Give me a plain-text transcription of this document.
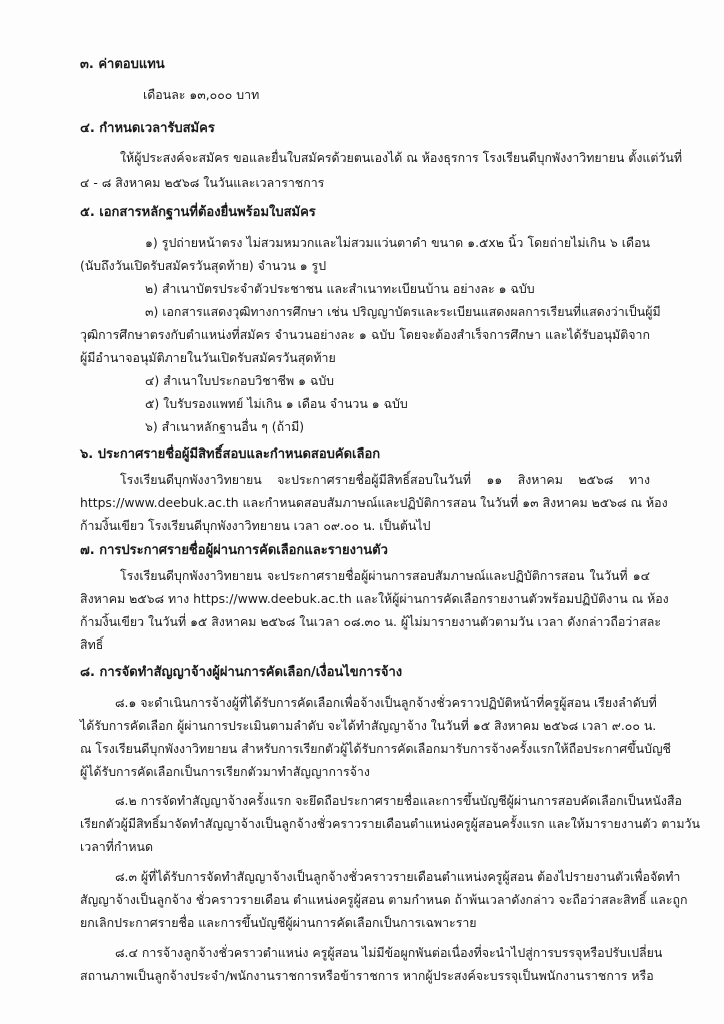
๓. ค่าตอบแทน
เดือนละ ๑๓,๐๐๐ บาท
๔. กำหนดเวลารับสมัคร
ให้ผู้ประสงค์จะสมัคร ขอและยื่นใบสมัครด้วยตนเองได้ ณ ห้องธุรการ โรงเรียนดีบุกพังงาวิทยายน ตั้งแต่วันที่
๔ - ๘ สิงหาคม ๒๕๖๘ ในวันและเวลาราชการ
๕. เอกสารหลักฐานที่ต้องยื่นพร้อมใบสมัคร
๑) รูปถ่ายหน้าตรง ไม่สวมหมวกและไม่สวมแว่นตาดำ ขนาด ๑.๕x๒ นิ้ว โดยถ่ายไม่เกิน ๖ เดือน
(นับถึงวันเปิดรับสมัครวันสุดท้าย) จำนวน ๑ รูป
๒) สำเนาบัตรประจำตัวประชาชน และสำเนาทะเบียนบ้าน อย่างละ ๑ ฉบับ
๓) เอกสารแสดงวุฒิทางการศึกษา เช่น ปริญญาบัตรและระเบียนแสดงผลการเรียนที่แสดงว่าเป็นผู้มี
วุฒิการศึกษาตรงกับตำแหน่งที่สมัคร จำนวนอย่างละ ๑ ฉบับ โดยจะต้องสำเร็จการศึกษา และได้รับอนุมัติจาก
ผู้มีอำนาจอนุมัติภายในวันเปิดรับสมัครวันสุดท้าย
๔) สำเนาใบประกอบวิชาชีพ ๑ ฉบับ
๕) ใบรับรองแพทย์ ไม่เกิน ๑ เดือน จำนวน ๑ ฉบับ
๖) สำเนาหลักฐานอื่น ๆ (ถ้ามี)
๖. ประกาศรายชื่อผู้มีสิทธิ์สอบและกำหนดสอบคัดเลือก
โรงเรียนดีบุกพังงาวิทยายน จะประกาศรายชื่อผู้มีสิทธิ์สอบในวันที่ ๑๑ สิงหาคม ๒๕๖๘ ทาง
https://www.deebuk.ac.th และกำหนดสอบสัมภาษณ์และปฏิบัติการสอน ในวันที่ ๑๓ สิงหาคม ๒๕๖๘ ณ ห้อง
ก้ามงิ้นเขียว โรงเรียนดีบุกพังงาวิทยายน เวลา ๐๙.๐๐ น. เป็นต้นไป
๗. การประกาศรายชื่อผู้ผ่านการคัดเลือกและรายงานตัว
โรงเรียนดีบุกพังงาวิทยายน จะประกาศรายชื่อผู้ผ่านการสอบสัมภาษณ์และปฏิบัติการสอน ในวันที่ ๑๔
สิงหาคม ๒๕๖๘ ทาง https://www.deebuk.ac.th และให้ผู้ผ่านการคัดเลือกรายงานตัวพร้อมปฏิบัติงาน ณ ห้อง
ก้ามงิ้นเขียว ในวันที่ ๑๕ สิงหาคม ๒๕๖๘ ในเวลา ๐๘.๓๐ น. ผู้ไม่มารายงานตัวตามวัน เวลา ดังกล่าวถือว่าสละ
สิทธิ์
๘. การจัดทำสัญญาจ้างผู้ผ่านการคัดเลือก/เงื่อนไขการจ้าง
๘.๑ จะดำเนินการจ้างผู้ที่ได้รับการคัดเลือกเพื่อจ้างเป็นลูกจ้างชั่วคราวปฏิบัติหน้าที่ครูผู้สอน เรียงลำดับที่
ได้รับการคัดเลือก ผู้ผ่านการประเมินตามลำดับ จะได้ทำสัญญาจ้าง ในวันที่ ๑๕ สิงหาคม ๒๕๖๘ เวลา ๙.๐๐ น.
ณ โรงเรียนดีบุกพังงาวิทยายน สำหรับการเรียกตัวผู้ได้รับการคัดเลือกมารับการจ้างครั้งแรกให้ถือประกาศขึ้นบัญชี
ผู้ได้รับการคัดเลือกเป็นการเรียกตัวมาทำสัญญาการจ้าง
๘.๒ การจัดทำสัญญาจ้างครั้งแรก จะยึดถือประกาศรายชื่อและการขึ้นบัญชีผู้ผ่านการสอบคัดเลือกเป็นหนังสือ
เรียกตัวผู้มีสิทธิ์มาจัดทำสัญญาจ้างเป็นลูกจ้างชั่วคราวรายเดือนตำแหน่งครูผู้สอนครั้งแรก และให้มารายงานตัว ตามวัน
เวลาที่กำหนด
๘.๓ ผู้ที่ได้รับการจัดทำสัญญาจ้างเป็นลูกจ้างชั่วคราวรายเดือนตำแหน่งครูผู้สอน ต้องไปรายงานตัวเพื่อจัดทำ
สัญญาจ้างเป็นลูกจ้าง ชั่วคราวรายเดือน ตำแหน่งครูผู้สอน ตามกำหนด ถ้าพ้นเวลาดังกล่าว จะถือว่าสละสิทธิ์ และถูก
ยกเลิกประกาศรายชื่อ และการขึ้นบัญชีผู้ผ่านการคัดเลือกเป็นการเฉพาะราย
๘.๔ การจ้างลูกจ้างชั่วคราวตำแหน่ง ครูผู้สอน ไม่มีข้อผูกพันต่อเนื่องที่จะนำไปสู่การบรรจุหรือปรับเปลี่ยน
สถานภาพเป็นลูกจ้างประจำ/พนักงานราชการหรือข้าราชการ หากผู้ประสงค์จะบรรจุเป็นพนักงานราชการ หรือ
